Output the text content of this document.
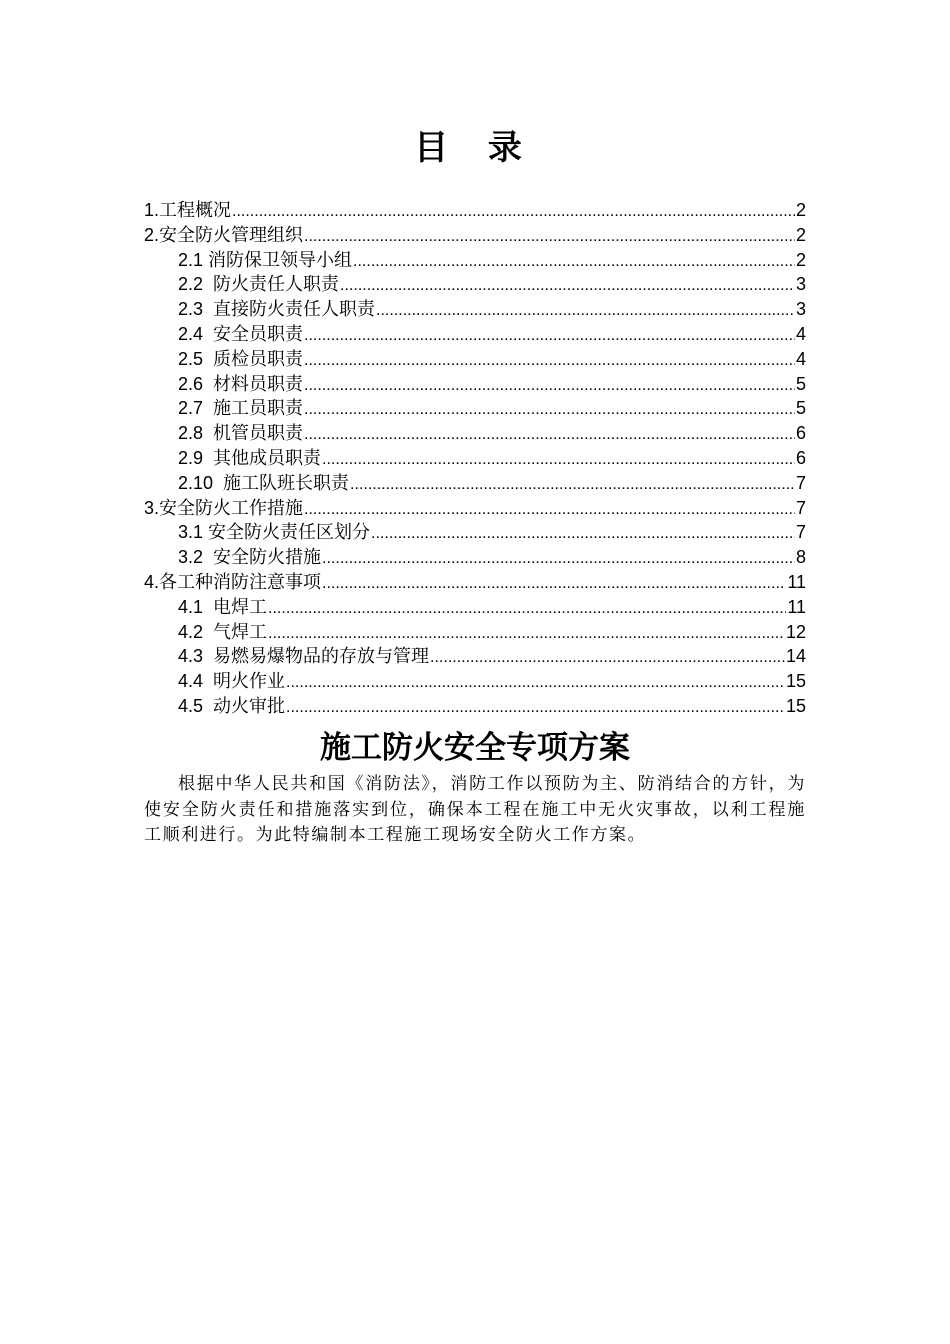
目 录
1. 工程概况 .....	2
2. 安全防火管理组织 .....	2
2.1 消防保卫领导小组 .....	2
2.2 防火责任人职责 .....	3
2.3 直接防火责任人职责 .....	3
2.4 安全员职责 .....	4
2.5 质检员职责 .....	4
2.6 材料员职责 .....	5
2.7 施工员职责 .....	5
2.8 机管员职责 .....	6
2.9 其他成员职责 .....	6
2.10 施工队班长职责 .....	7
3. 安全防火工作措施 .....	7
3.1 安全防火责任区划分 .....	7
3.2 安全防火措施 .....	8
4. 各工种消防注意事项 .....	11
4.1 电焊工 .....	11
4.2 气焊工 .....	12
4.3 易燃易爆物品的存放与管理 .....	14
4.4 明火作业 .....	15
4.5 动火审批 .....	15
施工防火安全专项方案
根据中华人民共和国《消防法》，消防工作以预防为主、防消结合的方针，为使安全防火责任和措施落实到位，确保本工程在施工中无火灾事故，以利工程施工顺利进行。为此特编制本工程施工现场安全防火工作方案。
